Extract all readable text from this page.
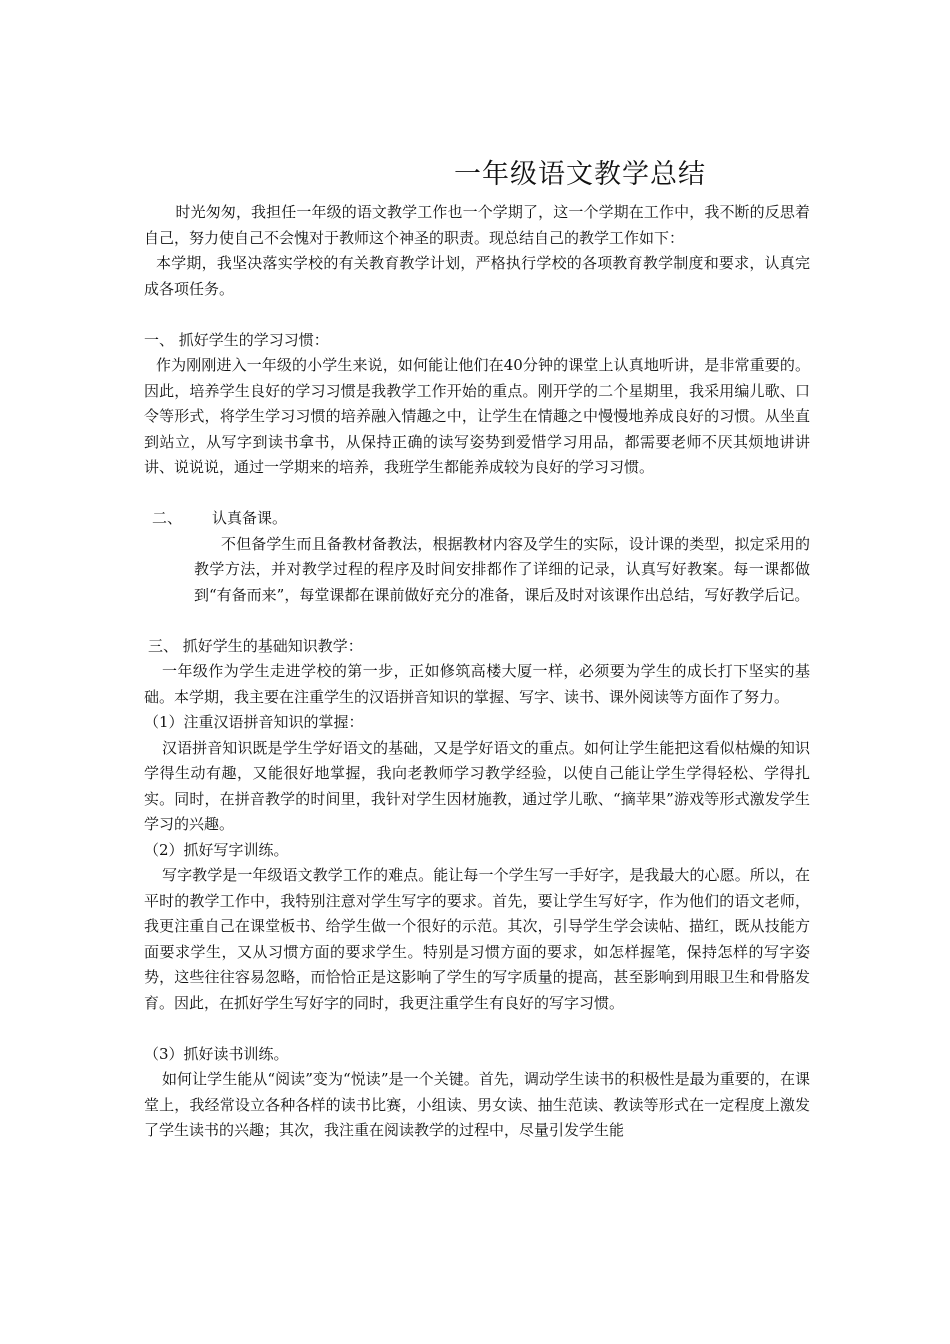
一年级语文教学总结

时光匆匆，我担任一年级的语文教学工作也一个学期了，这一个学期在工作中，我不断的反思着自己，努力使自己不会愧对于教师这个神圣的职责。现总结自己的教学工作如下：

本学期，我坚决落实学校的有关教育教学计划，严格执行学校的各项教育教学制度和要求，认真完成各项任务。

一、 抓好学生的学习习惯：

作为刚刚进入一年级的小学生来说，如何能让他们在40分钟的课堂上认真地听讲，是非常重要的。因此，培养学生良好的学习习惯是我教学工作开始的重点。刚开学的二个星期里，我采用编儿歌、口令等形式，将学生学习习惯的培养融入情趣之中，让学生在情趣之中慢慢地养成良好的习惯。从坐直到站立，从写字到读书拿书，从保持正确的读写姿势到爱惜学习用品，都需要老师不厌其烦地讲讲讲、说说说，通过一学期来的培养，我班学生都能养成较为良好的学习习惯。

二、 认真备课。

不但备学生而且备教材备教法，根据教材内容及学生的实际，设计课的类型，拟定采用的教学方法，并对教学过程的程序及时间安排都作了详细的记录，认真写好教案。每一课都做到“有备而来”，每堂课都在课前做好充分的准备，课后及时对该课作出总结，写好教学后记。

三、 抓好学生的基础知识教学：

一年级作为学生走进学校的第一步，正如修筑高楼大厦一样，必须要为学生的成长打下坚实的基础。本学期，我主要在注重学生的汉语拼音知识的掌握、写字、读书、课外阅读等方面作了努力。

（1）注重汉语拼音知识的掌握：

汉语拼音知识既是学生学好语文的基础，又是学好语文的重点。如何让学生能把这看似枯燥的知识学得生动有趣，又能很好地掌握，我向老教师学习教学经验，以使自己能让学生学得轻松、学得扎实。同时，在拼音教学的时间里，我针对学生因材施教，通过学儿歌、“摘苹果”游戏等形式激发学生学习的兴趣。

（2）抓好写字训练。

写字教学是一年级语文教学工作的难点。能让每一个学生写一手好字，是我最大的心愿。所以，在平时的教学工作中，我特别注意对学生写字的要求。首先，要让学生写好字，作为他们的语文老师，我更注重自己在课堂板书、给学生做一个很好的示范。其次，引导学生学会读帖、描红，既从技能方面要求学生，又从习惯方面的要求学生。特别是习惯方面的要求，如怎样握笔，保持怎样的写字姿势，这些往往容易忽略，而恰恰正是这影响了学生的写字质量的提高，甚至影响到用眼卫生和骨胳发育。因此，在抓好学生写好字的同时，我更注重学生有良好的写字习惯。

（3）抓好读书训练。

如何让学生能从“阅读”变为“悦读”是一个关键。首先，调动学生读书的积极性是最为重要的，在课堂上，我经常设立各种各样的读书比赛，小组读、男女读、抽生范读、教读等形式在一定程度上激发了学生读书的兴趣；其次，我注重在阅读教学的过程中，尽量引发学生能
